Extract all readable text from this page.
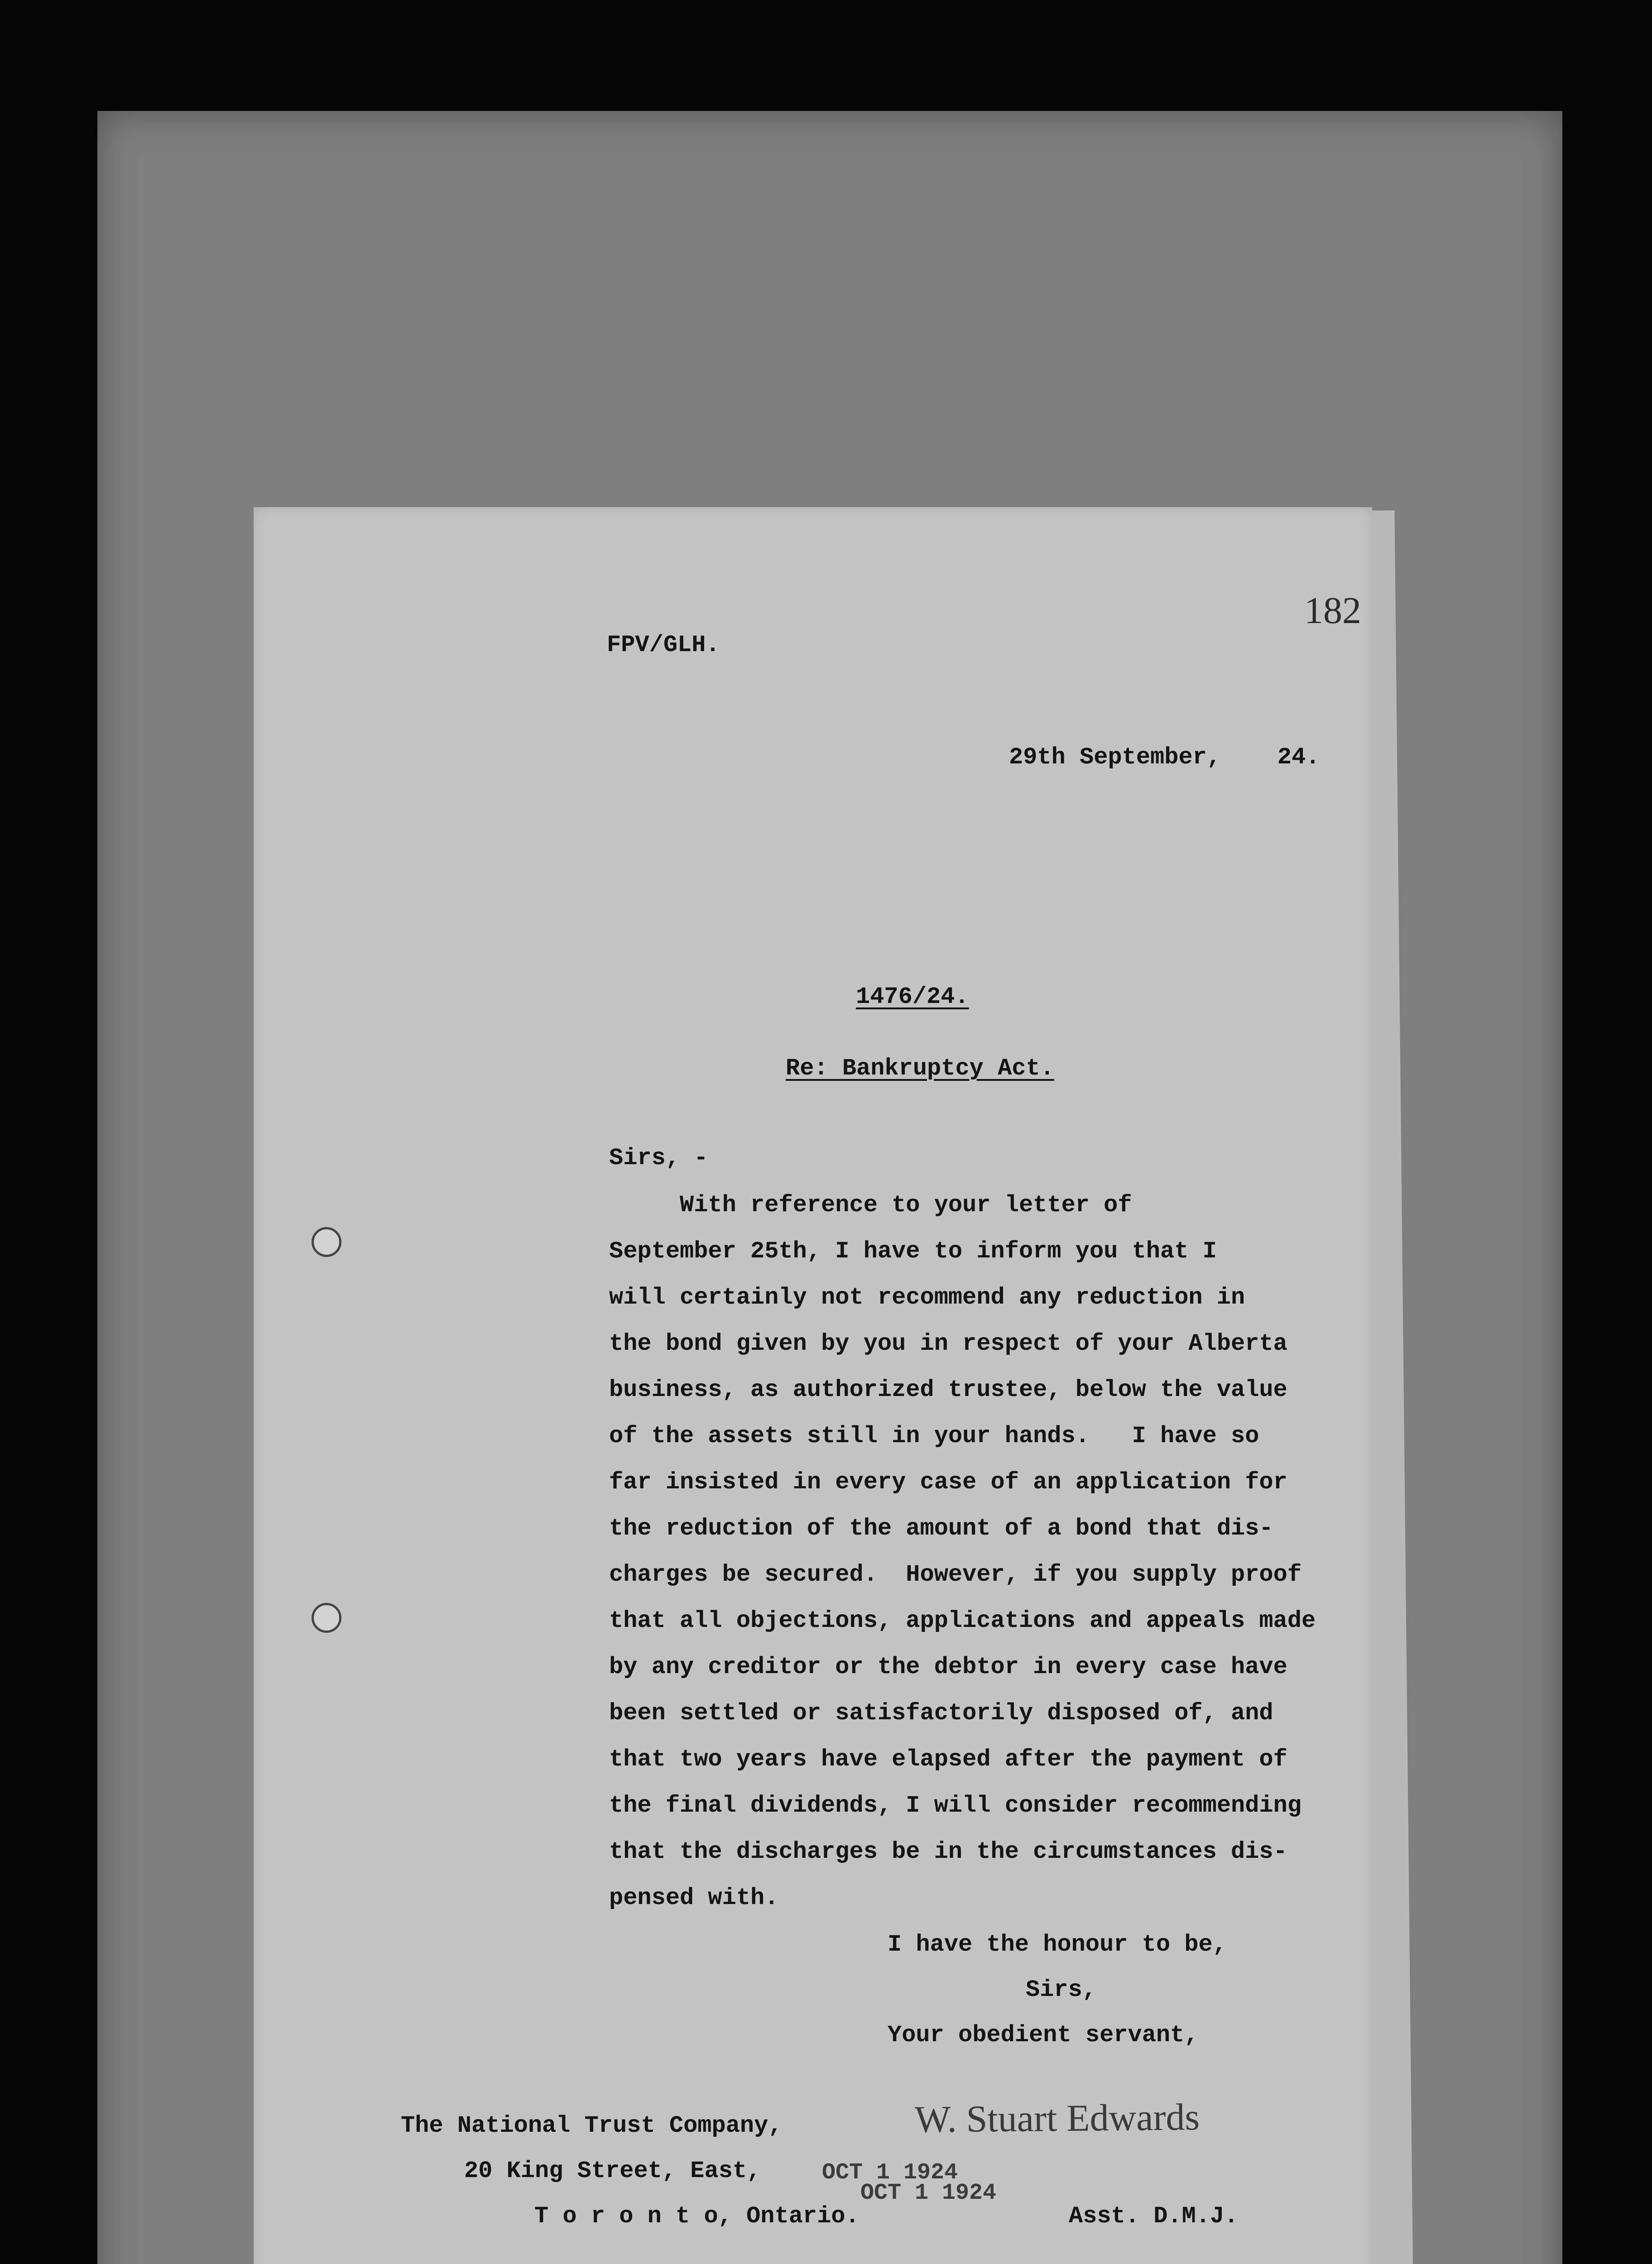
FPV/GLH.
182
29th September,    24.
1476/24.
Re: Bankruptcy Act.
Sirs, -
With reference to your letter of
September 25th, I have to inform you that I
will certainly not recommend any reduction in
the bond given by you in respect of your Alberta
business, as authorized trustee, below the value
of the assets still in your hands.   I have so
far insisted in every case of an application for
the reduction of the amount of a bond that dis-
charges be secured.  However, if you supply proof
that all objections, applications and appeals made
by any creditor or the debtor in every case have
been settled or satisfactorily disposed of, and
that two years have elapsed after the payment of
the final dividends, I will consider recommending
that the discharges be in the circumstances dis-
pensed with.
I have the honour to be,
Sirs,
Your obedient servant,
The National Trust Company,
20 King Street, East,
T o r o n t o, Ontario.
W. Stuart Edwards
Asst. D.M.J.
OCT 1 1924
OCT 1 1924
